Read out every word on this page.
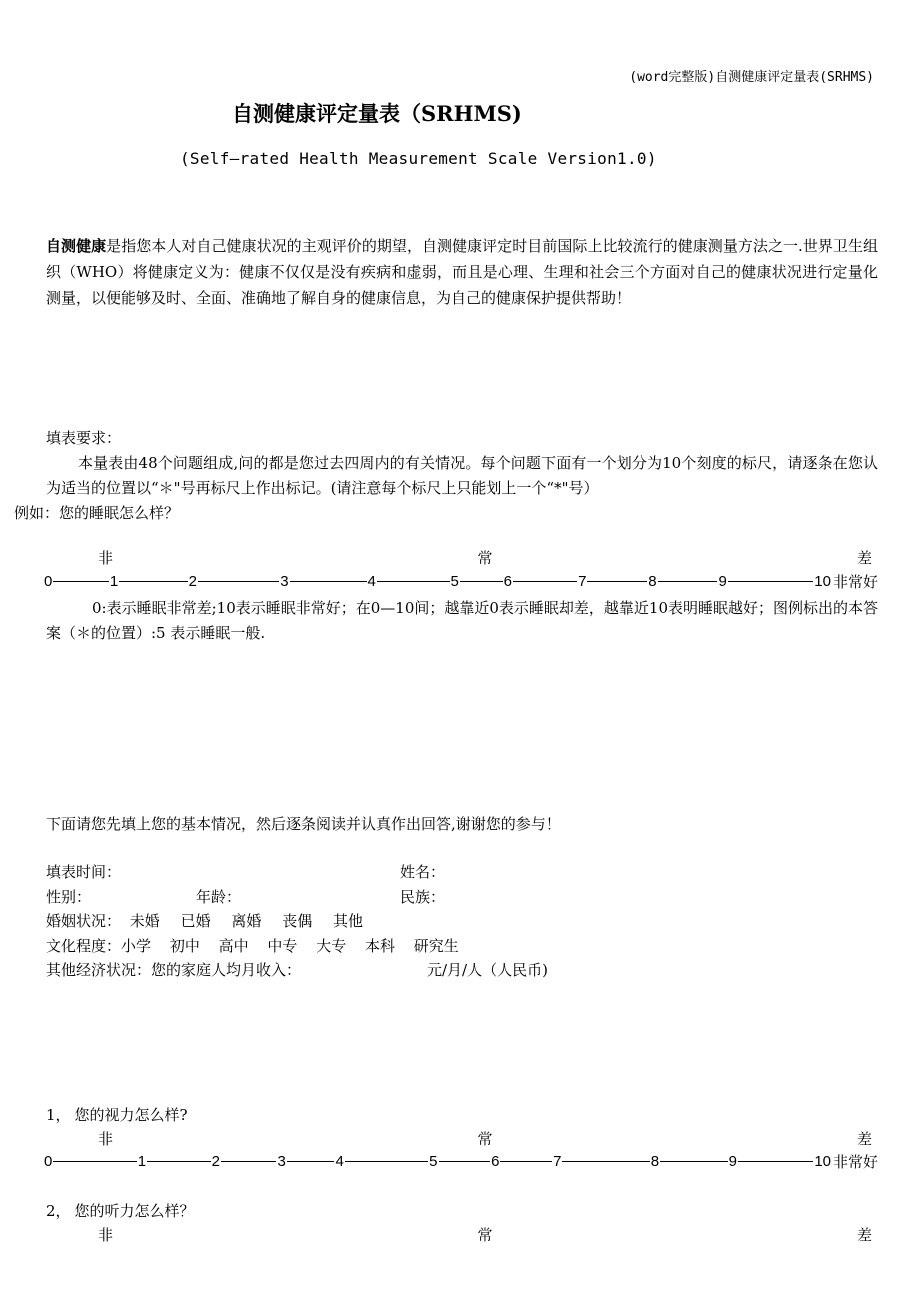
(word完整版)自测健康评定量表(SRHMS)
自测健康评定量表（SRHMS)
(Self—rated Health Measurement Scale Version1.0)
自测健康是指您本人对自己健康状况的主观评价的期望，自测健康评定时目前国际上比较流行的健康测量方法之一.世界卫生组织（WHO）将健康定义为：健康不仅仅是没有疾病和虚弱，而且是心理、生理和社会三个方面对自己的健康状况进行定量化测量，以便能够及时、全面、准确地了解自身的健康信息，为自己的健康保护提供帮助！
填表要求：
本量表由48个问题组成,问的都是您过去四周内的有关情况。每个问题下面有一个划分为10个刻度的标尺，请逐条在您认为适当的位置以“＊"号再标尺上作出标记。(请注意每个标尺上只能划上一个“*"号）
例如：您的睡眠怎么样？
非	常	差
0	1	2	3	4	5	6	7	8	9	10 非常好
0:表示睡眠非常差;10表示睡眠非常好；在0—10间；越靠近0表示睡眠却差，越靠近10表明睡眠越好；图例标出的本答案（＊的位置）:5 表示睡眠一般.
下面请您先填上您的基本情况，然后逐条阅读并认真作出回答,谢谢您的参与！
填表时间：	姓名：
性别：	年龄：	民族：
婚姻状况： 未婚 已婚 离婚 丧偶 其他
文化程度：小学 初中 高中 中专 大专 本科 研究生
其他经济状况：您的家庭人均月收入：	元/月/人（人民币)
1， 您的视力怎么样?
非	常	差
0	1	2	3	4	5	6	7	8	9	10 非常好
2， 您的听力怎么样？
非	常	差
